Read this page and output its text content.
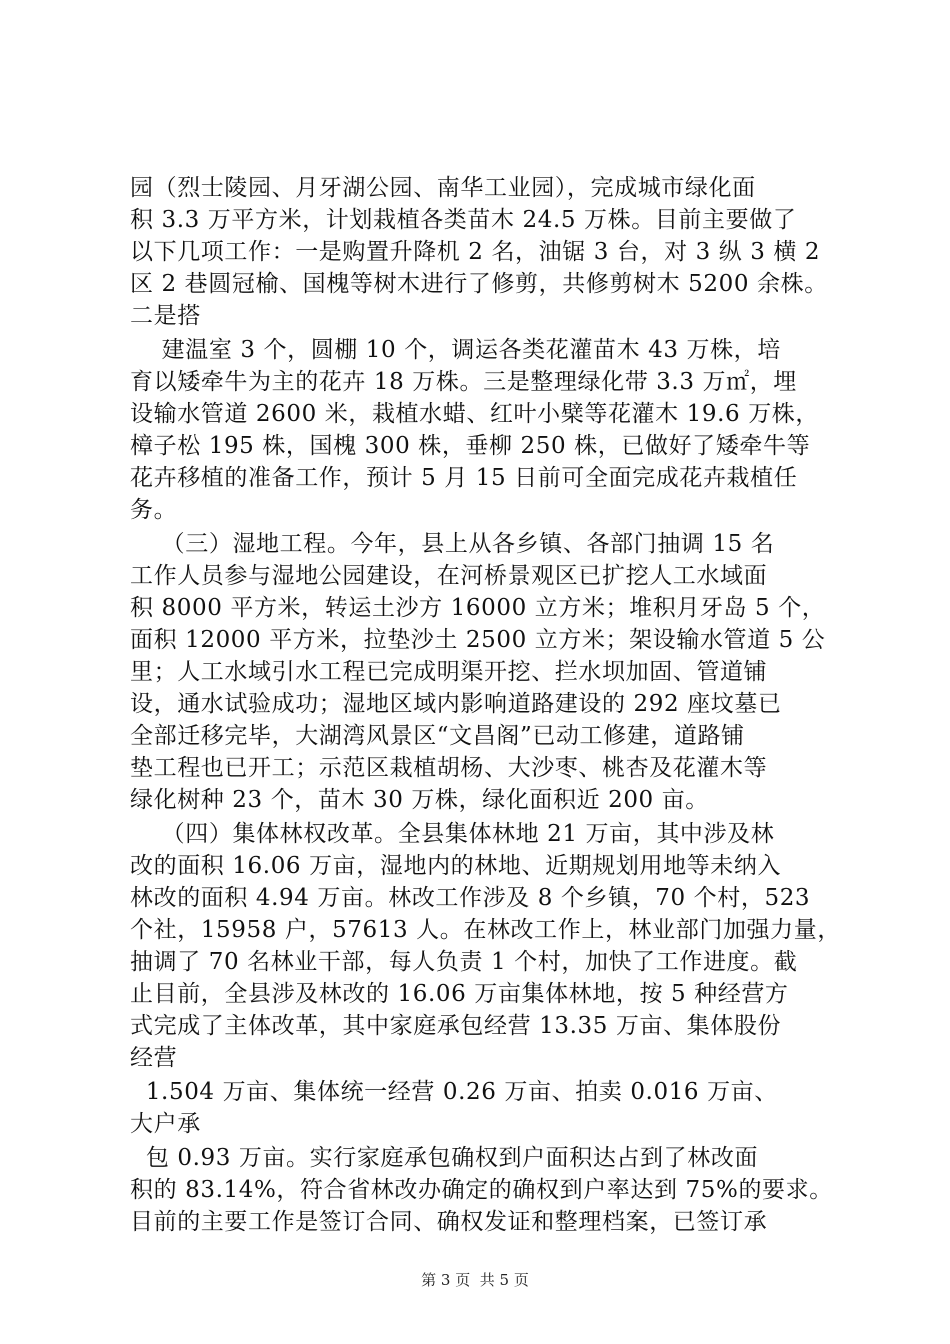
园（烈士陵园、月牙湖公园、南华工业园），完成城市绿化面
积 3.3 万平方米，计划栽植各类苗木 24.5 万株。目前主要做了
以下几项工作：一是购置升降机 2 名，油锯 3 台，对 3 纵 3 横 2
区 2 巷圆冠榆、国槐等树木进行了修剪，共修剪树木 5200 余株。
二是搭
建温室 3 个，圆棚 10 个，调运各类花灌苗木 43 万株，培
育以矮牵牛为主的花卉 18 万株。三是整理绿化带 3.3 万㎡，埋
设输水管道 2600 米，栽植水蜡、红叶小檗等花灌木 19.6 万株，
樟子松 195 株，国槐 300 株，垂柳 250 株，已做好了矮牵牛等
花卉移植的准备工作，预计 5 月 15 日前可全面完成花卉栽植任
务。
（三）湿地工程。今年，县上从各乡镇、各部门抽调 15 名
工作人员参与湿地公园建设，在河桥景观区已扩挖人工水域面
积 8000 平方米，转运土沙方 16000 立方米；堆积月牙岛 5 个，
面积 12000 平方米，拉垫沙土 2500 立方米；架设输水管道 5 公
里；人工水域引水工程已完成明渠开挖、拦水坝加固、管道铺
设，通水试验成功；湿地区域内影响道路建设的 292 座坟墓已
全部迁移完毕，大湖湾风景区“文昌阁”已动工修建，道路铺
垫工程也已开工；示范区栽植胡杨、大沙枣、桃杏及花灌木等
绿化树种 23 个，苗木 30 万株，绿化面积近 200 亩。
（四）集体林权改革。全县集体林地 21 万亩，其中涉及林
改的面积 16.06 万亩，湿地内的林地、近期规划用地等未纳入
林改的面积 4.94 万亩。林改工作涉及 8 个乡镇，70 个村，523
个社，15958 户，57613 人。在林改工作上，林业部门加强力量，
抽调了 70 名林业干部，每人负责 1 个村，加快了工作进度。截
止目前，全县涉及林改的 16.06 万亩集体林地，按 5 种经营方
式完成了主体改革，其中家庭承包经营 13.35 万亩、集体股份
经营
1.504 万亩、集体统一经营 0.26 万亩、拍卖 0.016 万亩、
大户承
包 0.93 万亩。实行家庭承包确权到户面积达占到了林改面
积的 83.14%，符合省林改办确定的确权到户率达到 75%的要求。
目前的主要工作是签订合同、确权发证和整理档案，已签订承
第 3 页  共 5 页
